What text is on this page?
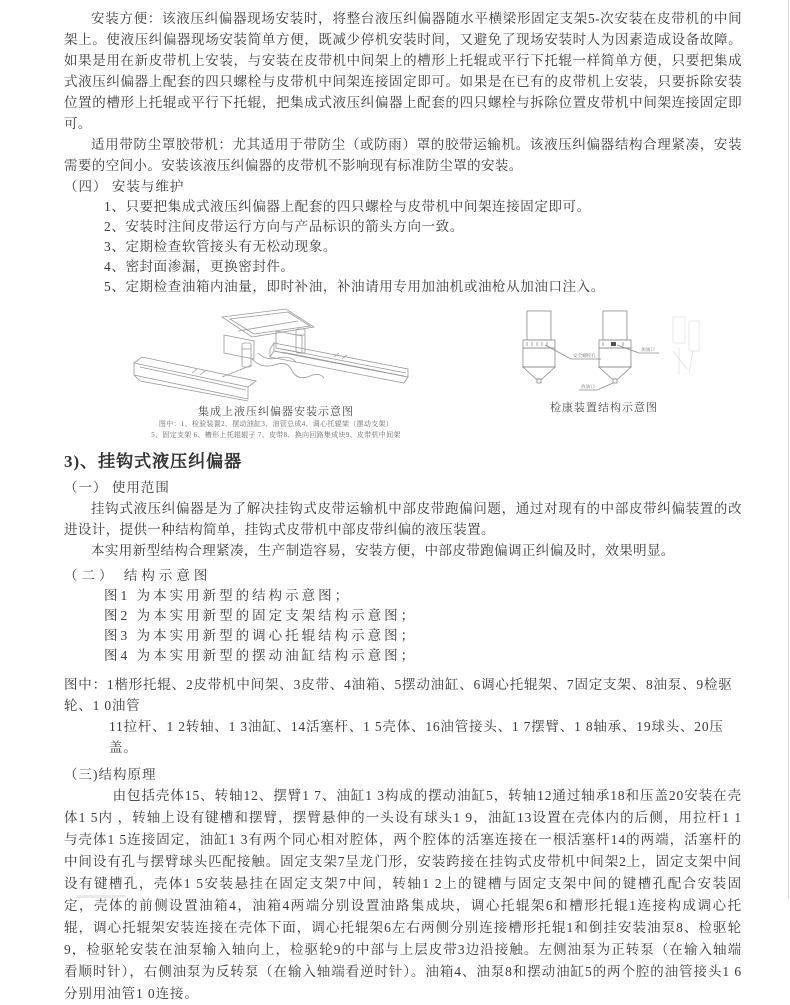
安装方便：该液压纠偏器现场安装时，将整台液压纠偏器随水平横梁形固定支架5-次安装在皮带机的中间架上。使液压纠偏器现场安装简单方便，既减少停机安装时间，又避免了现场安装时人为因素造成设备故障。如果是用在新皮带机上安装，与安装在皮带机中间架上的槽形上托辊或平行下托辊一样简单方便，只要把集成式液压纠偏器上配套的四只螺栓与皮带机中间架连接固定即可。如果是在已有的皮带机上安装，只要拆除安装位置的槽形上托辊或平行下托辊，把集成式液压纠偏器上配套的四只螺栓与拆除位置皮带机中间架连接固定即可。

适用带防尘罩胶带机：尤其适用于带防尘（或防雨）罩的胶带运输机。该液压纠偏器结构合理紧凑，安装需要的空间小。安装该液压纠偏器的皮带机不影响现有标准防尘罩的安装。

（四） 安装与维护

1、只要把集成式液压纠偏器上配套的四只螺栓与皮带机中间架连接固定即可。
2、安装时注间皮带运行方向与产品标识的箭头方向一致。
3、定期检查软管接头有无松动现象。
4、密封面渗漏，更换密封件。
5、定期检查油箱内油量，即时补油，补油请用专用加油机或油枪从加油口注入。
集成上液压纠偏器安装示意图
图中：1、检验装置2、摆动油缸3、油管总成4、调心托辊架（摆动支架）
5、固定支架 6、槽形上托辊辊子 7、皮带8、换向回路集成块9、皮带机中间架
安全螺栓孔
加油口
放油口
检康装置结构示意图

3)、挂钩式液压纠偏器

（一） 使用范围

挂钩式液压纠偏器是为了解决挂钩式皮带运输机中部皮带跑偏问题，通过对现有的中部皮带纠偏装置的改进设计，提供一种结构简单，挂钩式皮带机中部皮带纠偏的液压装置。

本实用新型结构合理紧凑，生产制造容易，安装方便，中部皮带跑偏调正纠偏及时，效果明显。

（二） 结构示意图

图1 为本实用新型的结构示意图；
图2 为本实用新型的固定支架结构示意图；
图3 为本实用新型的调心托辊结构示意图；
图4 为本实用新型的摆动油缸结构示意图；
图中：1楷形托辊、2皮带机中间架、3皮带、4油箱、5摆动油缸、6调心托辊架、7固定支架、8油泵、9检驱轮、1 0油管
11拉杆、1 2转轴、1 3油缸、14活塞杆、1 5壳体、16油管接头、1 7摆臂、1 8轴承、19球头、20压盖。

（三)结构原理

由包括壳体15、转轴12、摆臂1 7、油缸1 3构成的摆动油缸5，转轴12通过轴承18和压盖20安装在壳体1 5内 ，转轴上设有键槽和摆臂，摆臂悬伸的一头设有球头1 9，油缸13设置在壳体内的后侧，用拉杆1 1与壳体1 5连接固定，油缸1 3有两个同心相对腔体，两个腔体的活塞连接在一根活塞杆14的两端，活塞杆的中间设有孔与摆臂球头匹配接触。固定支架7呈龙门形，安装跨接在挂钩式皮带机中间架2上，固定支架中间设有键槽孔，壳体1 5安装悬挂在固定支架7中间，转轴1 2上的键槽与固定支架中间的键槽孔配合安装固定，壳体的前侧设置油箱4，油箱4两端分别设置油路集成块，调心托辊架6和槽形托辊1连接构成调心托辊，调心托辊架安装连接在壳体下面，调心托辊架6左右两侧分别连接槽形托辊1和倒挂安装油泵8、检驱轮9，检驱轮安装在油泵输入轴向上，检驱轮9的中部与上层皮带3边沿接触。左侧油泵为正转泵（在输入轴端看顺时针），右侧油泵为反转泵（在输入轴端看逆时针）。油箱4、油泵8和摆动油缸5的两个腔的油管接头1 6分别用油管1 0连接。
